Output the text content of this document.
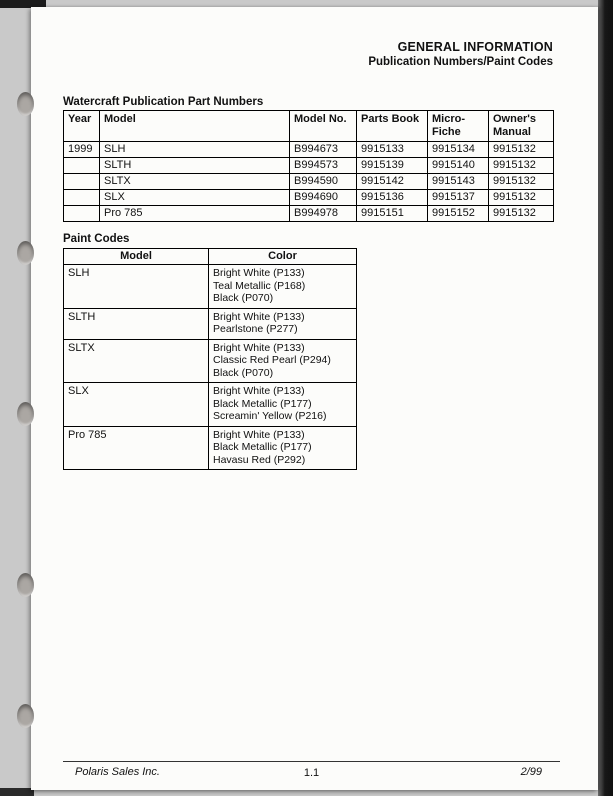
GENERAL INFORMATION
Publication Numbers/Paint Codes
Watercraft Publication Part Numbers
Year	Model	Model No.	Parts Book	Micro-Fiche	Owner's Manual
1999	SLH	B994673	9915133	9915134	9915132
	SLTH	B994573	9915139	9915140	9915132
	SLTX	B994590	9915142	9915143	9915132
	SLX	B994690	9915136	9915137	9915132
	Pro 785	B994978	9915151	9915152	9915132
Paint Codes
Model	Color
SLH	Bright White (P133)
Teal Metallic (P168)
Black (P070)

SLTH	Bright White (P133)
Pearlstone (P277)

SLTX	Bright White (P133)
Classic Red Pearl (P294)
Black (P070)

SLX	Bright White (P133)
Black Metallic (P177)
Screamin' Yellow (P216)

Pro 785	Bright White (P133)
Black Metallic (P177)
Havasu Red (P292)
Polaris Sales Inc.	1.1	2/99
